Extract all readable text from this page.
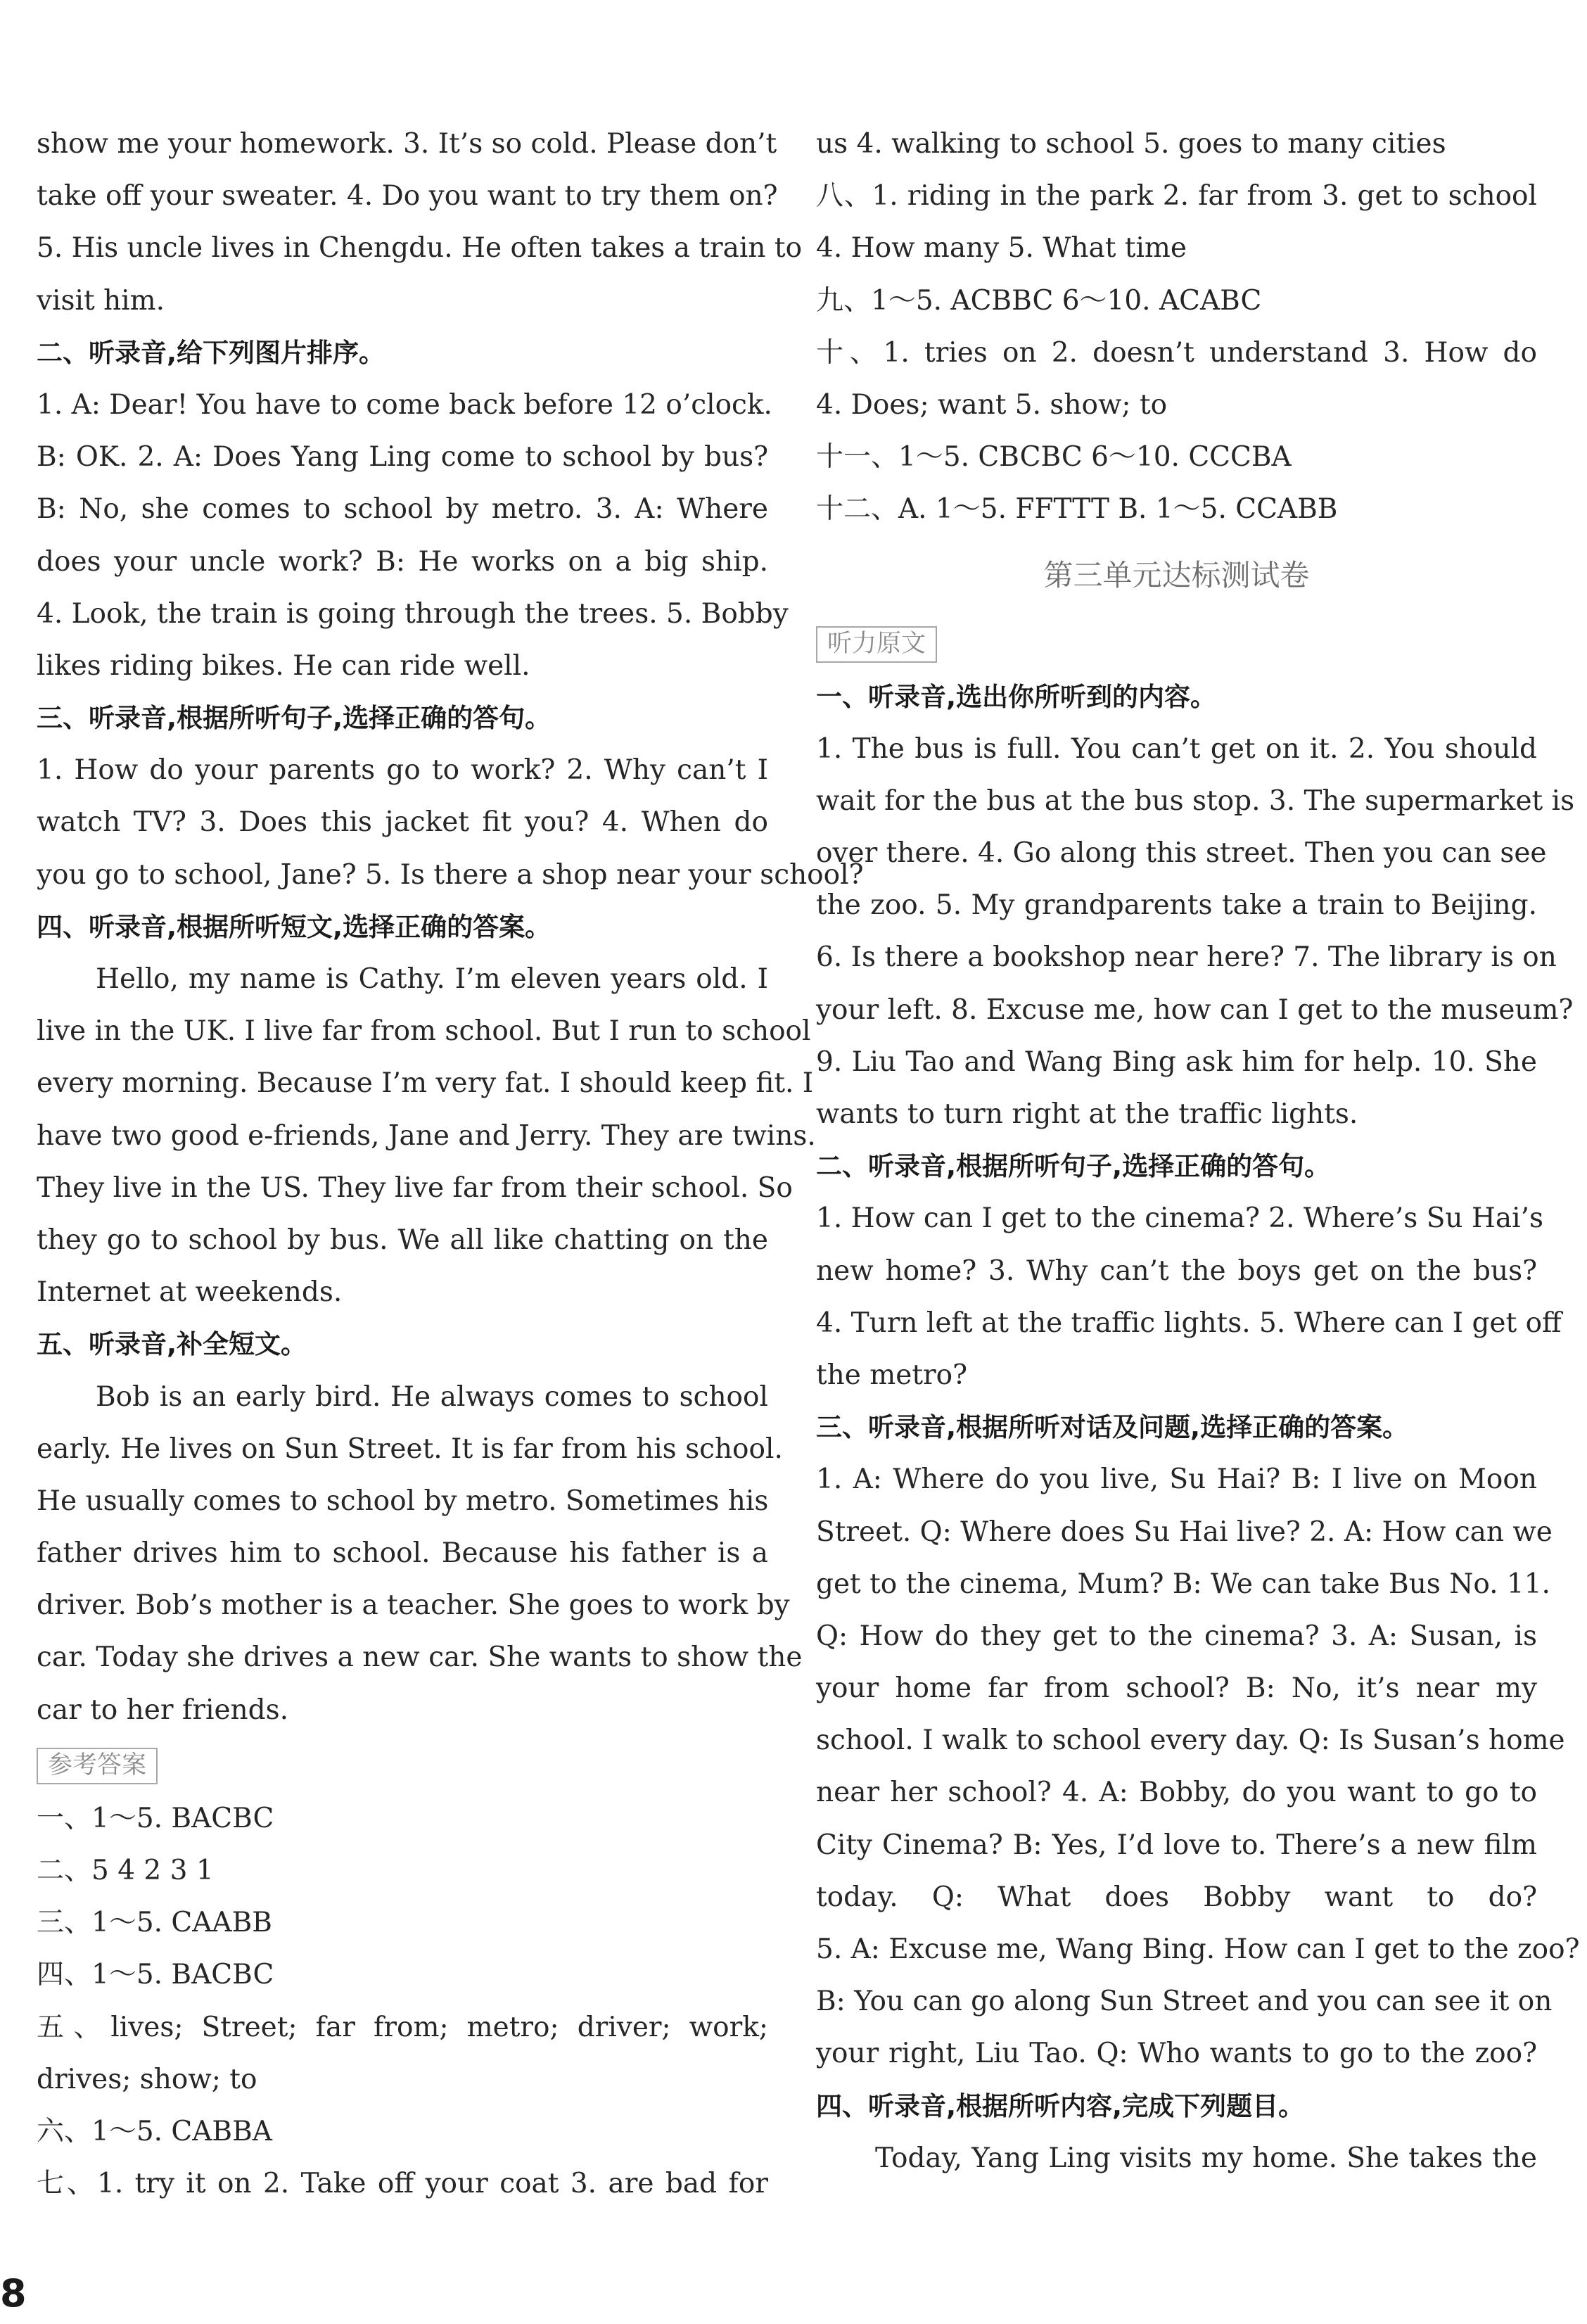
show me your homework. 3. It’s so cold. Please don’t
take off your sweater. 4. Do you want to try them on?
5. His uncle lives in Chengdu. He often takes a train to
visit him.
二、听录音,给下列图片排序。
1. A: Dear! You have to come back before 12 o’clock.
B: OK. 2. A: Does Yang Ling come to school by bus?
B: No, she comes to school by metro. 3. A: Where
does your uncle work? B: He works on a big ship.
4. Look, the train is going through the trees. 5. Bobby
likes riding bikes. He can ride well.
三、听录音,根据所听句子,选择正确的答句。
1. How do your parents go to work? 2. Why can’t I
watch TV? 3. Does this jacket fit you? 4. When do
you go to school, Jane? 5. Is there a shop near your school?
四、听录音,根据所听短文,选择正确的答案。
Hello, my name is Cathy. I’m eleven years old. I
live in the UK. I live far from school. But I run to school
every morning. Because I’m very fat. I should keep fit. I
have two good e-friends, Jane and Jerry. They are twins.
They live in the US. They live far from their school. So
they go to school by bus. We all like chatting on the
Internet at weekends.
五、听录音,补全短文。
Bob is an early bird. He always comes to school
early. He lives on Sun Street. It is far from his school.
He usually comes to school by metro. Sometimes his
father drives him to school. Because his father is a
driver. Bob’s mother is a teacher. She goes to work by
car. Today she drives a new car. She wants to show the
car to her friends.
参考答案
一、1～5. BACBC
二、5 4 2 3 1
三、1～5. CAABB
四、1～5. BACBC
五、lives; Street; far from; metro; driver; work;
drives; show; to
六、1～5. CABBA
七、1. try it on 2. Take off your coat 3. are bad for
us 4. walking to school 5. goes to many cities
八、1. riding in the park 2. far from 3. get to school
4. How many 5. What time
九、1～5. ACBBC 6～10. ACABC
十、1. tries on 2. doesn’t understand 3. How do
4. Does; want 5. show; to
十一、1～5. CBCBC 6～10. CCCBA
十二、A. 1～5. FFTTT B. 1～5. CCABB
第三单元达标测试卷
听力原文
一、听录音,选出你所听到的内容。
1. The bus is full. You can’t get on it. 2. You should
wait for the bus at the bus stop. 3. The supermarket is
over there. 4. Go along this street. Then you can see
the zoo. 5. My grandparents take a train to Beijing.
6. Is there a bookshop near here? 7. The library is on
your left. 8. Excuse me, how can I get to the museum?
9. Liu Tao and Wang Bing ask him for help. 10. She
wants to turn right at the traffic lights.
二、听录音,根据所听句子,选择正确的答句。
1. How can I get to the cinema? 2. Where’s Su Hai’s
new home? 3. Why can’t the boys get on the bus?
4. Turn left at the traffic lights. 5. Where can I get off
the metro?
三、听录音,根据所听对话及问题,选择正确的答案。
1. A: Where do you live, Su Hai? B: I live on Moon
Street. Q: Where does Su Hai live? 2. A: How can we
get to the cinema, Mum? B: We can take Bus No. 11.
Q: How do they get to the cinema? 3. A: Susan, is
your home far from school? B: No, it’s near my
school. I walk to school every day. Q: Is Susan’s home
near her school? 4. A: Bobby, do you want to go to
City Cinema? B: Yes, I’d love to. There’s a new film
today. Q: What does Bobby want to do?
5. A: Excuse me, Wang Bing. How can I get to the zoo?
B: You can go along Sun Street and you can see it on
your right, Liu Tao. Q: Who wants to go to the zoo?
四、听录音,根据所听内容,完成下列题目。
Today, Yang Ling visits my home. She takes the
8
